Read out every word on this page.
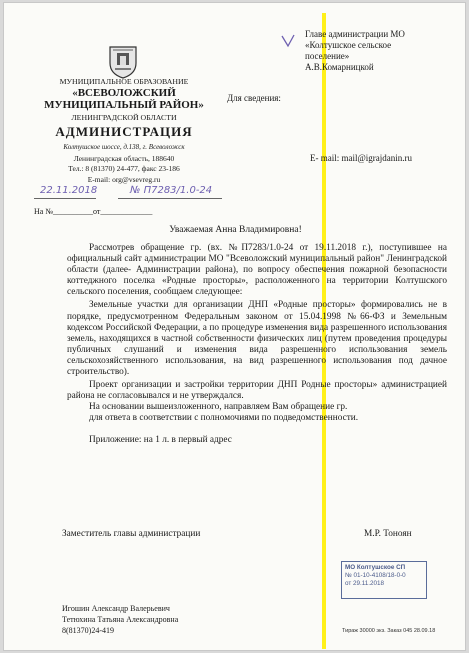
МУНИЦИПАЛЬНОЕ ОБРАЗОВАНИЕ
«ВСЕВОЛОЖСКИЙ
МУНИЦИПАЛЬНЫЙ РАЙОН»
ЛЕНИНГРАДСКОЙ ОБЛАСТИ
АДМИНИСТРАЦИЯ
Колтушское шоссе, д.138, г. Всеволожск
Ленинградская область, 188640
Тел.: 8 (81370) 24-477, факс 23-186
E-mail: org@vsevreg.ru
22.11.2018	№ П7283/1.0-24
На №__________от_____________
Главе администрации МО
«Колтушское сельское
поселение»
А.В.Комарницкой
Для сведения:
E- mail: mail@igrajdanin.ru
Уважаемая Анна Владимировна!

Рассмотрев обращение гр. (вх. №П7283/1.0-24 от 19.11.2018 г.), поступившее на официальный сайт администрации МО "Всеволожский муниципальный район" Ленинградской области (далее- Администрации района), по вопросу обеспечения пожарной безопасности коттеджного поселка «Родные просторы», расположенного на территории Колтушского сельского поселения, сообщаем следующее:

Земельные участки для организации ДНП «Родные просторы» формировались не в порядке, предусмотренном Федеральным законом от 15.04.1998 №66-ФЗ и Земельным кодексом Российской Федерации, а по процедуре изменения вида разрешенного использования земель, находящихся в частной собственности физических лиц (путем проведения процедуры публичных слушаний и изменения вида разрешенного использования земель сельскохозяйственного использования, на вид разрешенного использования под дачное строительство).

Проект организации и застройки территории ДНП Родные просторы» администрацией района не согласовывался и не утверждался.

На основании вышеизложенного, направляем Вам обращение гр.

для ответа в соответствии с полномочиями по подведомственности.

Приложение: на 1 л. в первый адрес

Заместитель главы администрации	М.Р. Тоноян
МО Колтушское СП
№ 01-10-4108/18-0-0
от 29.11.2018
Игошин Александр Валерьевич
Тетюхина Татьяна Александровна
8(81370)24-419	Тираж 30000 экз. Заказ 045 28.09.18
